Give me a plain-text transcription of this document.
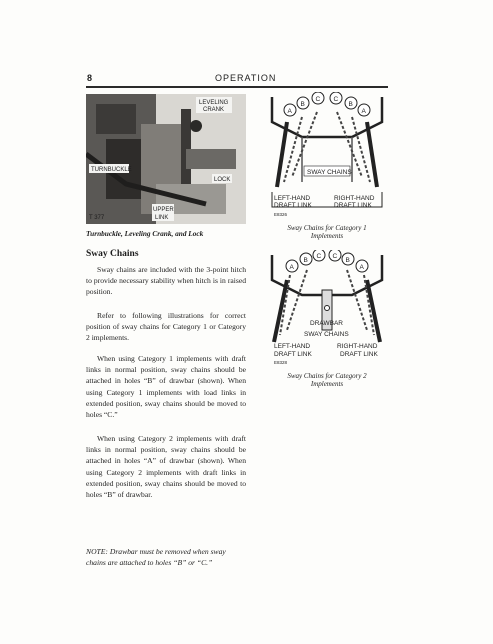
8	OPERATION
TURNBUCKLE
LEVELING
CRANK
LOCK
UPPER
LINK
T 377
Turnbuckle, Leveling Crank, and Lock
A
B
C C
B
A
SWAY CHAINS
LEFT-HAND	RIGHT-HAND
DRAFT LINK	DRAFT LINK
E8326
Sway Chains for Category 1
Implements
A
B
C C
B
A
DRAWBAR
SWAY CHAINS
LEFT-HAND	RIGHT-HAND
DRAFT LINK	DRAFT LINK
E8328
Sway Chains for Category 2
Implements
Sway Chains

Sway chains are included with the 3-point hitch to provide necessary stability when hitch is in raised position.

Refer to following illustrations for correct position of sway chains for Category 1 or Category 2 implements.

When using Category 1 implements with draft links in normal position, sway chains should be attached in holes “B” of drawbar (shown). When using Category 1 implements with load links in extended position, sway chains should be moved to holes “C.”

When using Category 2 implements with draft links in normal position, sway chains should be attached in holes “A” of drawbar (shown). When using Category 2 implements with draft links in extended position, sway chains should be moved to holes “B” of drawbar.

NOTE: Drawbar must be removed when sway chains are attached to holes “B” or “C.”
